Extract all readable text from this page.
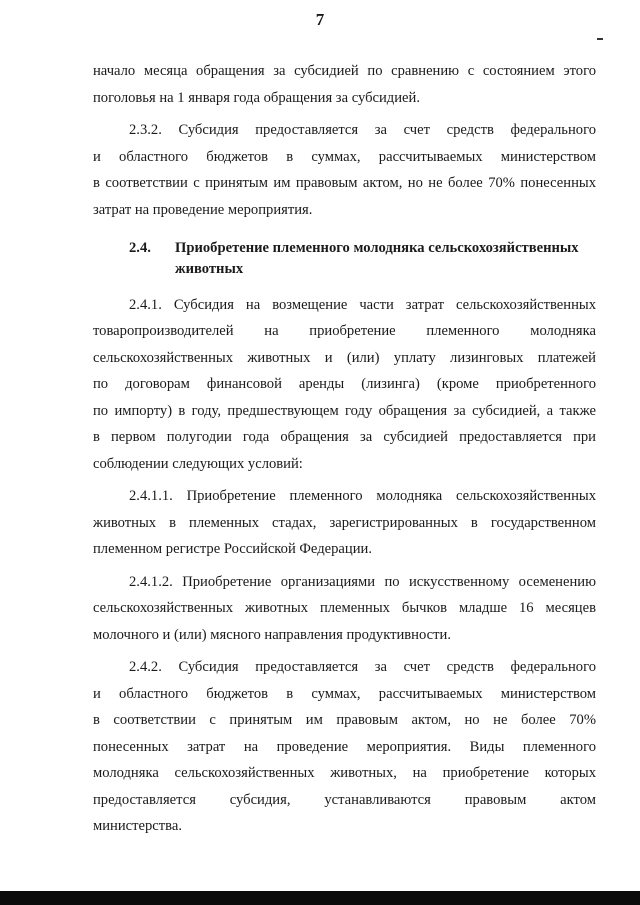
7
начало месяца обращения за субсидией по сравнению с состоянием этого
поголовья на 1 января года обращения за субсидией.
2.3.2. Субсидия предоставляется за счет средств федерального
и областного бюджетов в суммах, рассчитываемых министерством
в соответствии с принятым им правовым актом, но не более 70% понесенных
затрат на проведение мероприятия.
2.4. Приобретение племенного молодняка сельскохозяйственных
животных
2.4.1. Субсидия на возмещение части затрат сельскохозяйственных
товаропроизводителей на приобретение племенного молодняка
сельскохозяйственных животных и (или) уплату лизинговых платежей
по договорам финансовой аренды (лизинга) (кроме приобретенного
по импорту) в году, предшествующем году обращения за субсидией, а также
в первом полугодии года обращения за субсидией предоставляется при
соблюдении следующих условий:
2.4.1.1. Приобретение племенного молодняка сельскохозяйственных
животных в племенных стадах, зарегистрированных в государственном
племенном регистре Российской Федерации.
2.4.1.2. Приобретение организациями по искусственному осеменению
сельскохозяйственных животных племенных бычков младше 16 месяцев
молочного и (или) мясного направления продуктивности.
2.4.2. Субсидия предоставляется за счет средств федерального
и областного бюджетов в суммах, рассчитываемых министерством
в соответствии с принятым им правовым актом, но не более 70%
понесенных затрат на проведение мероприятия. Виды племенного
молодняка сельскохозяйственных животных, на приобретение которых
предоставляется субсидия, устанавливаются правовым актом
министерства.
